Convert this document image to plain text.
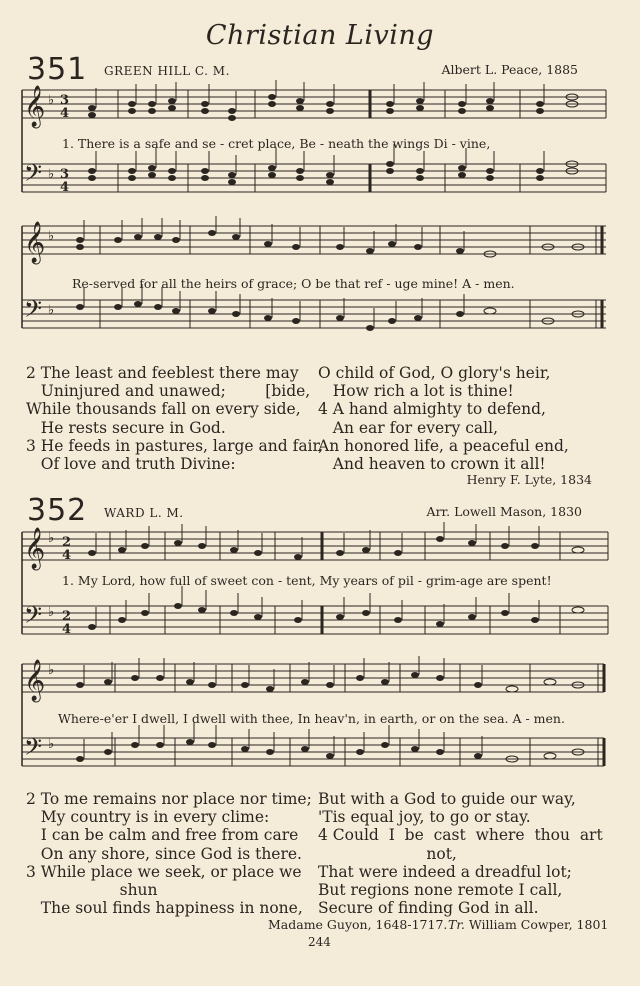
Christian Living
351 GREEN HILL C. M.	Albert L. Peace, 1885
𝄞
𝄢
♭
♭
3
4
3
4
1. There is a safe and se - cret place, Be - neath the wings Di - vine,
𝄞
𝄢
♭
♭
Re-served for all the heirs of grace; O be that ref - uge mine! A - men.
2 The least and feeblest there may
Uninjured and unawed;        [bide,
While thousands fall on every side,
He rests secure in God.
3 He feeds in pastures, large and fair,
Of love and truth Divine:
O child of God, O glory's heir,
How rich a lot is thine!
4 A hand almighty to defend,
An ear for every call,
An honored life, a peaceful end,
And heaven to crown it all!
Henry F. Lyte, 1834
352 WARD L. M.	Arr. Lowell Mason, 1830
𝄞
𝄢
♭
♭
2
4
2
4
1. My Lord, how full of sweet con - tent, My years of pil - grim-age are spent!
𝄞
𝄢
♭
♭
Where-e'er I dwell, I dwell with thee, In heav'n, in earth, or on the sea. A - men.
2 To me remains nor place nor time;
My country is in every clime:
I can be calm and free from care
On any shore, since God is there.
3 While place we seek, or place we
shun
The soul finds happiness in none,
But with a God to guide our way,
'Tis equal joy, to go or stay.
4 Could  I  be  cast  where  thou  art
not,
That were indeed a dreadful lot;
But regions none remote I call,
Secure of finding God in all.
Madame Guyon, 1648-1717. Tr. William Cowper, 1801
244
